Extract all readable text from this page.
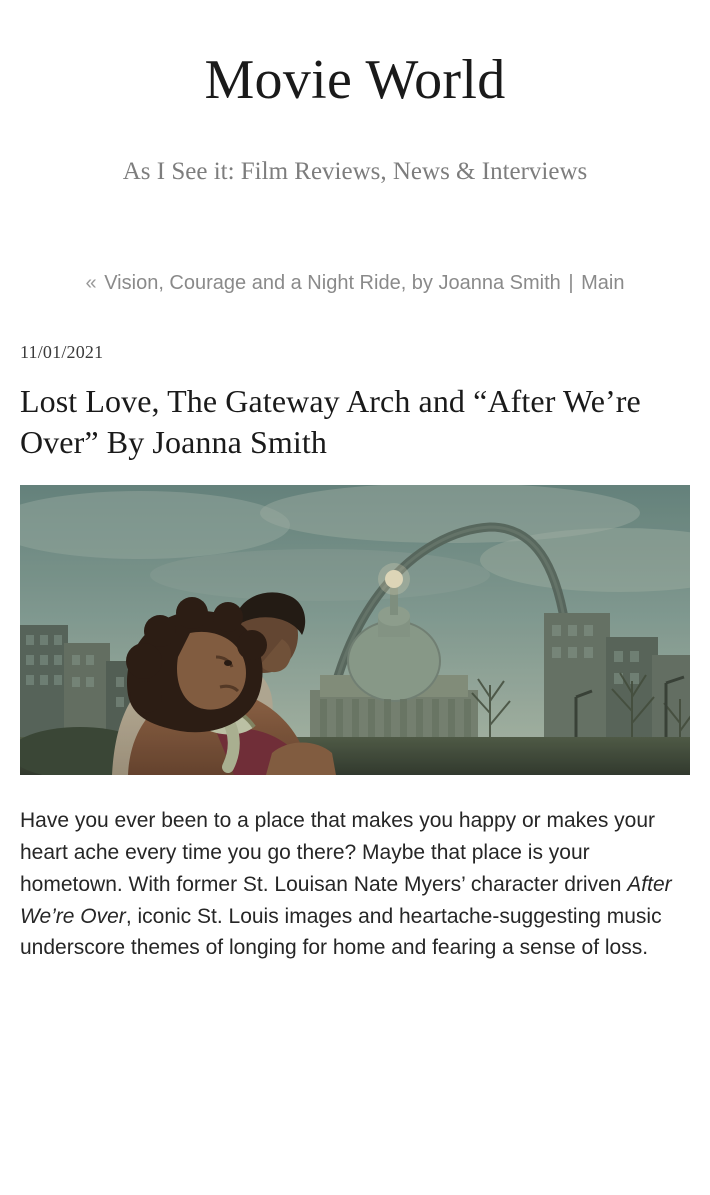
Movie World
As I See it: Film Reviews, News & Interviews
« Vision, Courage and a Night Ride, by Joanna Smith | Main
11/01/2021
Lost Love, The Gateway Arch and “After We’re Over” By Joanna Smith
Have you ever been to a place that makes you happy or makes your heart ache every time you go there? Maybe that place is your hometown. With former St. Louisan Nate Myers’ character driven After We’re Over, iconic St. Louis images and heartache-suggesting music underscore themes of longing for home and fearing a sense of loss.
